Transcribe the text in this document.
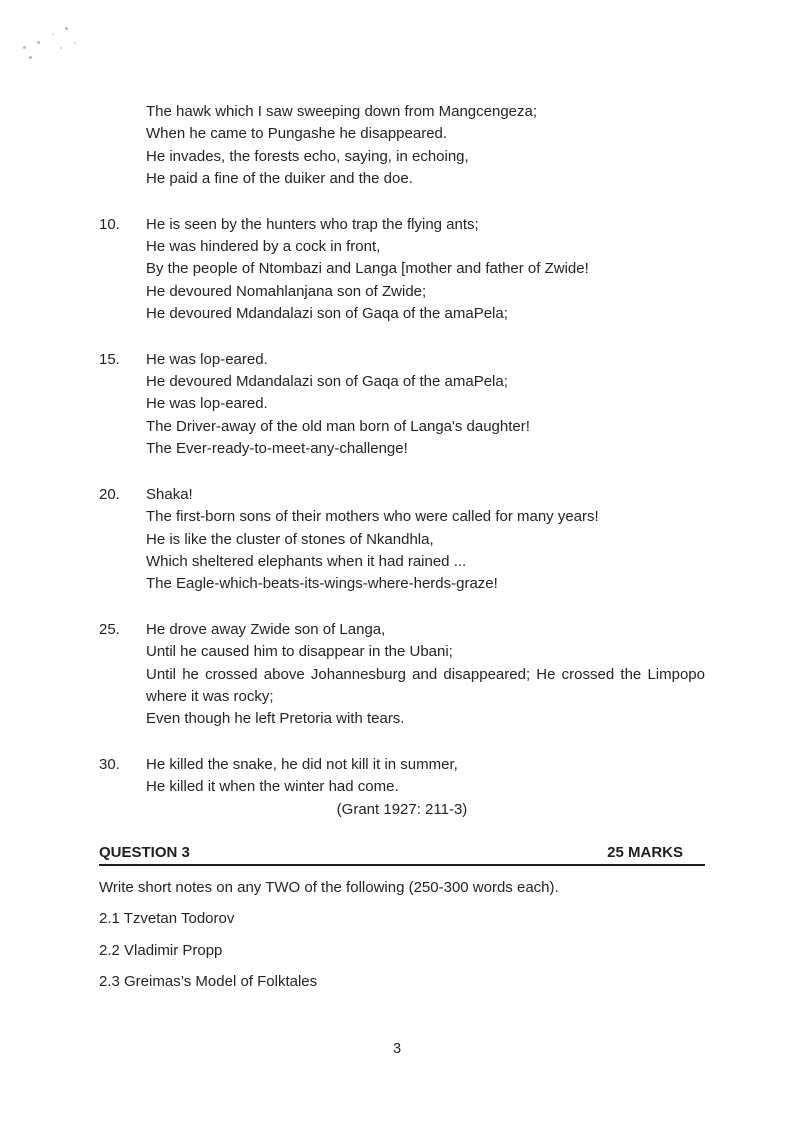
The hawk which I saw sweeping down from Mangcengeza;
When he came to Pungashe he disappeared.
He invades, the forests echo, saying, in echoing,
He paid a fine of the duiker and the doe.
10.	He is seen by the hunters who trap the flying ants;
He was hindered by a cock in front,
By the people of Ntombazi and Langa [mother and father of Zwide!
He devoured Nomahlanjana son of Zwide;
He devoured Mdandalazi son of Gaqa of the amaPela;
15.	He was lop-eared.
He devoured Mdandalazi son of Gaqa of the amaPela;
He was lop-eared.
The Driver-away of the old man born of Langa's daughter!
The Ever-ready-to-meet-any-challenge!
20.	Shaka!
The first-born sons of their mothers who were called for many years!
He is like the cluster of stones of Nkandhla,
Which sheltered elephants when it had rained ...
The Eagle-which-beats-its-wings-where-herds-graze!
25.	He drove away Zwide son of Langa,
Until he caused him to disappear in the Ubani;
Until he crossed above Johannesburg and disappeared; He crossed the Limpopo
where it was rocky;
Even though he left Pretoria with tears.
30.	He killed the snake, he did not kill it in summer,
He killed it when the winter had come.
(Grant 1927: 211-3)
QUESTION 3	25 MARKS

Write short notes on any TWO of the following (250-300 words each).

2.1 Tzvetan Todorov

2.2 Vladimir Propp

2.3 Greimas’s Model of Folktales

3
